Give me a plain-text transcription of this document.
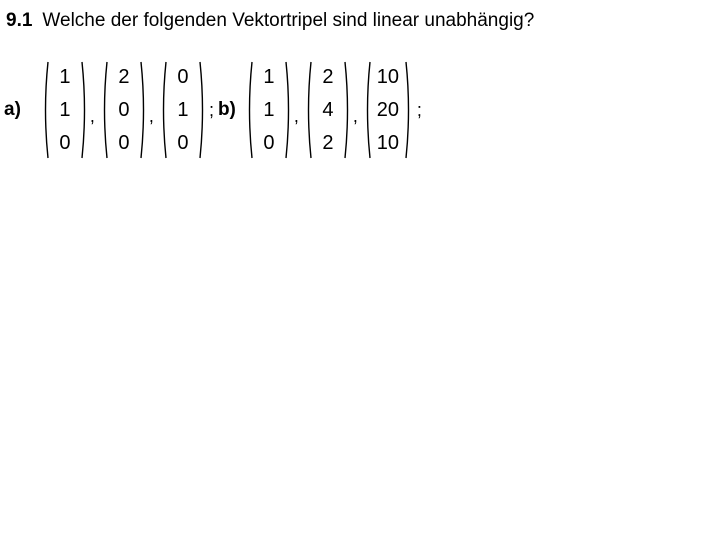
9.1 Welche der folgenden Vektortripel sind linear unabhängig?
a)
1
1
0
,
2
0
0
,
0
1
0
; b)
1
1
0
,
2
4
2
,
10
20
10
;
